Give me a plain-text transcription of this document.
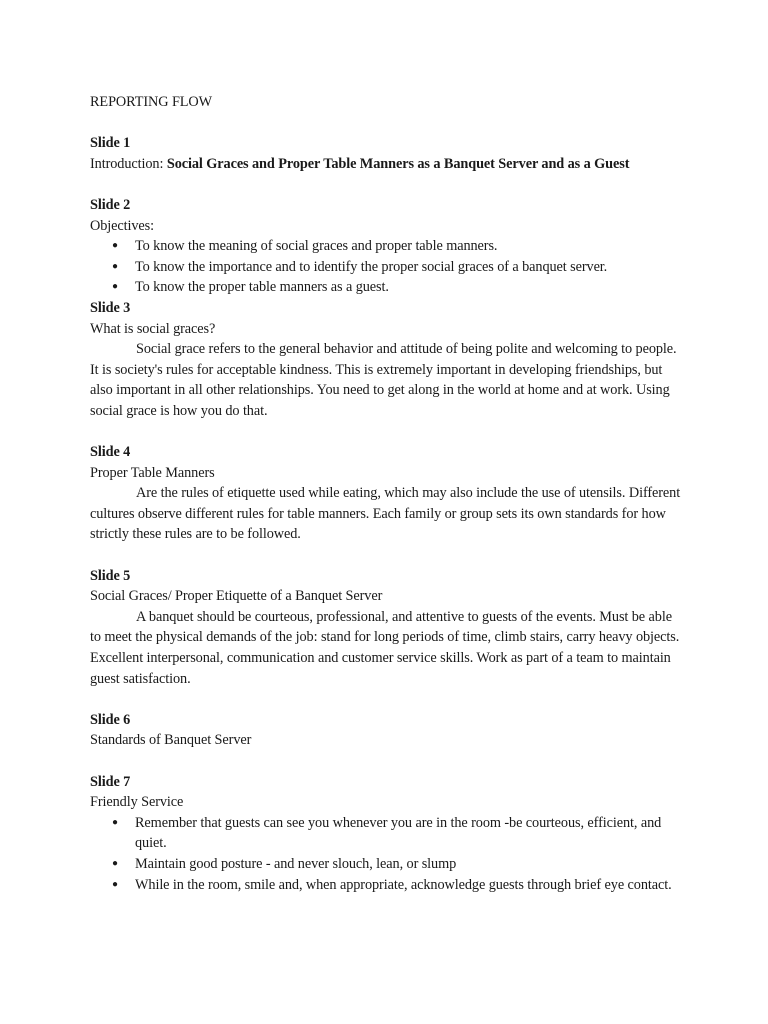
REPORTING FLOW
Slide 1
Introduction: Social Graces and Proper Table Manners as a Banquet Server and as a Guest
Slide 2
Objectives:
● To know the meaning of social graces and proper table manners.
● To know the importance and to identify the proper social graces of a banquet server.
● To know the proper table manners as a guest.
Slide 3
What is social graces?

Social grace refers to the general behavior and attitude of being polite and welcoming to people. It is society's rules for acceptable kindness. This is extremely important in developing friendships, but also important in all other relationships. You need to get along in the world at home and at work. Using social grace is how you do that.

Slide 4
Proper Table Manners

Are the rules of etiquette used while eating, which may also include the use of utensils. Different cultures observe different rules for table manners. Each family or group sets its own standards for how strictly these rules are to be followed.

Slide 5
Social Graces/ Proper Etiquette of a Banquet Server

A banquet should be courteous, professional, and attentive to guests of the events. Must be able to meet the physical demands of the job: stand for long periods of time, climb stairs, carry heavy objects. Excellent interpersonal, communication and customer service skills. Work as part of a team to maintain guest satisfaction.

Slide 6
Standards of Banquet Server
Slide 7
Friendly Service
● Remember that guests can see you whenever you are in the room -be courteous, efficient, and quiet.
● Maintain good posture - and never slouch, lean, or slump
● While in the room, smile and, when appropriate, acknowledge guests through brief eye contact.
